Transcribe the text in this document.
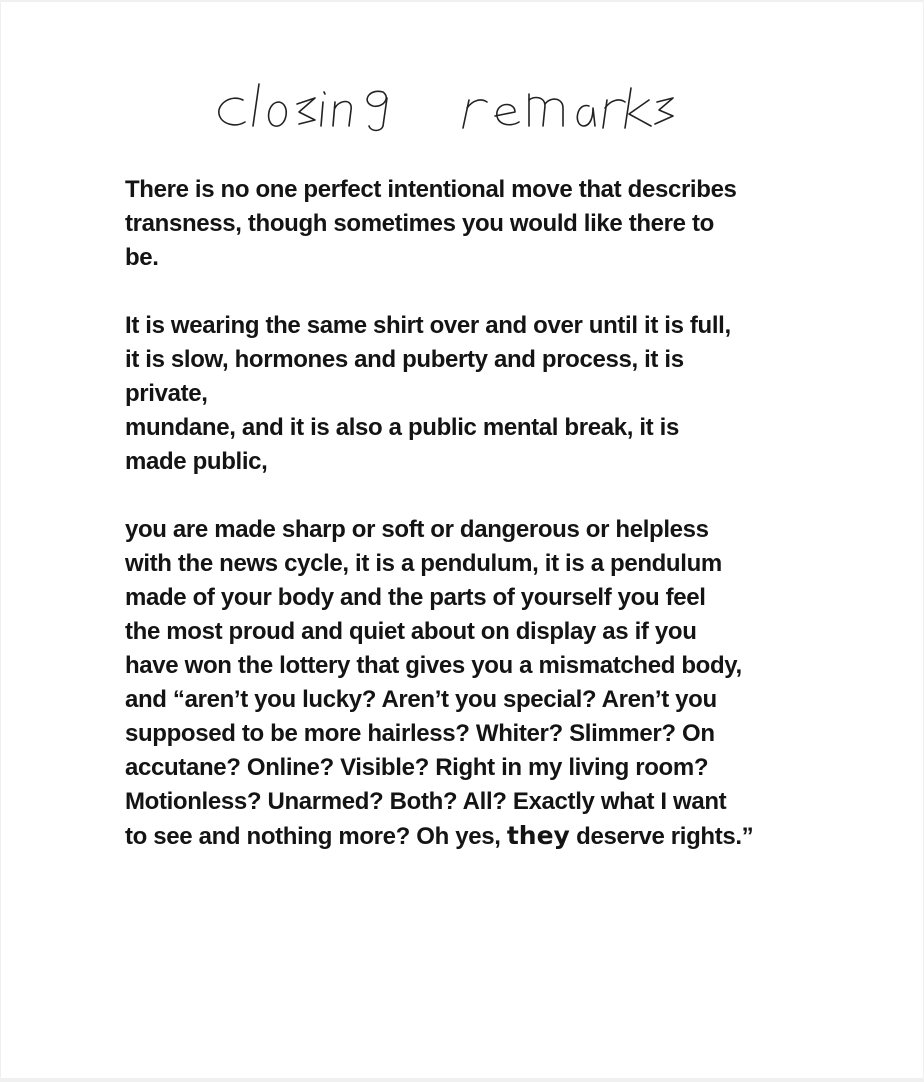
There is no one perfect intentional move that describes
transness, though sometimes you would like there to
be.
It is wearing the same shirt over and over until it is full,
it is slow, hormones and puberty and process, it is
private,
mundane, and it is also a public mental break, it is
made public,
you are made sharp or soft or dangerous or helpless
with the news cycle, it is a pendulum, it is a pendulum
made of your body and the parts of yourself you feel
the most proud and quiet about on display as if you
have won the lottery that gives you a mismatched body,
and “aren’t you lucky? Aren’t you special? Aren’t you
supposed to be more hairless? Whiter? Slimmer? On
accutane? Online? Visible? Right in my living room?
Motionless? Unarmed? Both? All? Exactly what I want
to see and nothing more? Oh yes, they deserve rights.”
